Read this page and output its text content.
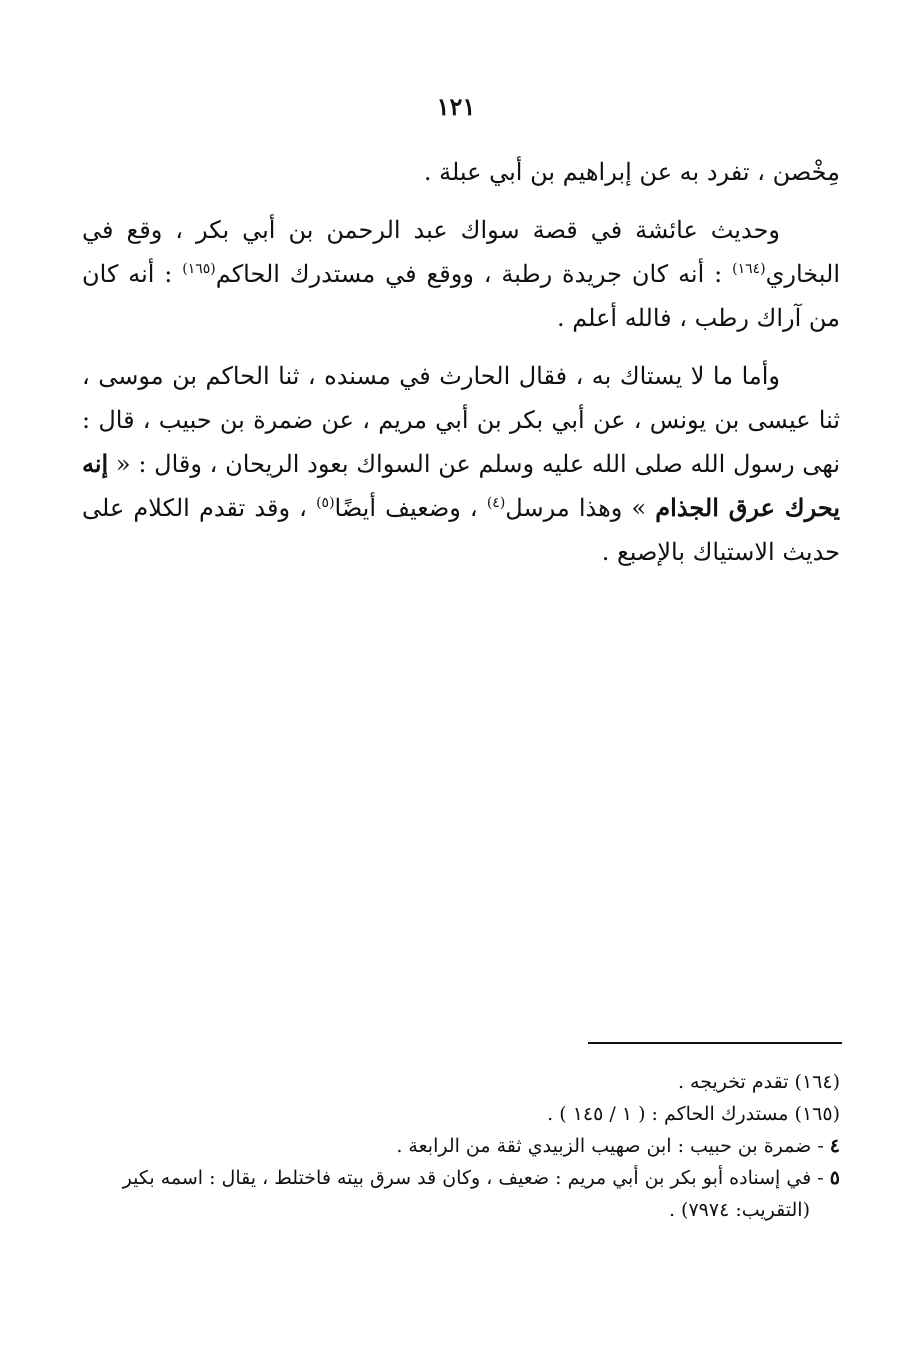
١٢١

مِخْصن ، تفرد به عن إبراهيم بن أبي عبلة .

وحديث عائشة في قصة سواك عبد الرحمن بن أبي بكر ، وقع في البخاري$^{(١٦٤)}$ : أنه كان جريدة رطبة ، ووقع في مستدرك الحاكم$^{(١٦٥)}$ : أنه كان من آراك رطب ، فالله أعلم .

وأما ما لا يستاك به ، فقال الحارث في مسنده ، ثنا الحاكم بن موسى ، ثنا عيسى بن يونس ، عن أبي بكر بن أبي مريم ، عن ضمرة بن حبيب ، قال : نهى رسول الله صلى الله عليه وسلم عن السواك بعود الريحان ، وقال : « إنه يحرك عرق الجذام » وهذا مرسل$^{(٤)}$ ، وضعيف أيضًا$^{(٥)}$ ، وقد تقدم الكلام على حديث الاستياك بالإصبع .

(١٦٤) تقدم تخريجه .

(١٦٥) مستدرك الحاكم : ( ١ / ١٤٥ ) .

٤ - ضمرة بن حبيب : ابن صهيب الزبيدي ثقة من الرابعة .

٥ - في إسناده أبو بكر بن أبي مريم : ضعيف ، وكان قد سرق بيته فاختلط ، يقال : اسمه بكير

(التقريب: ٧٩٧٤) .
